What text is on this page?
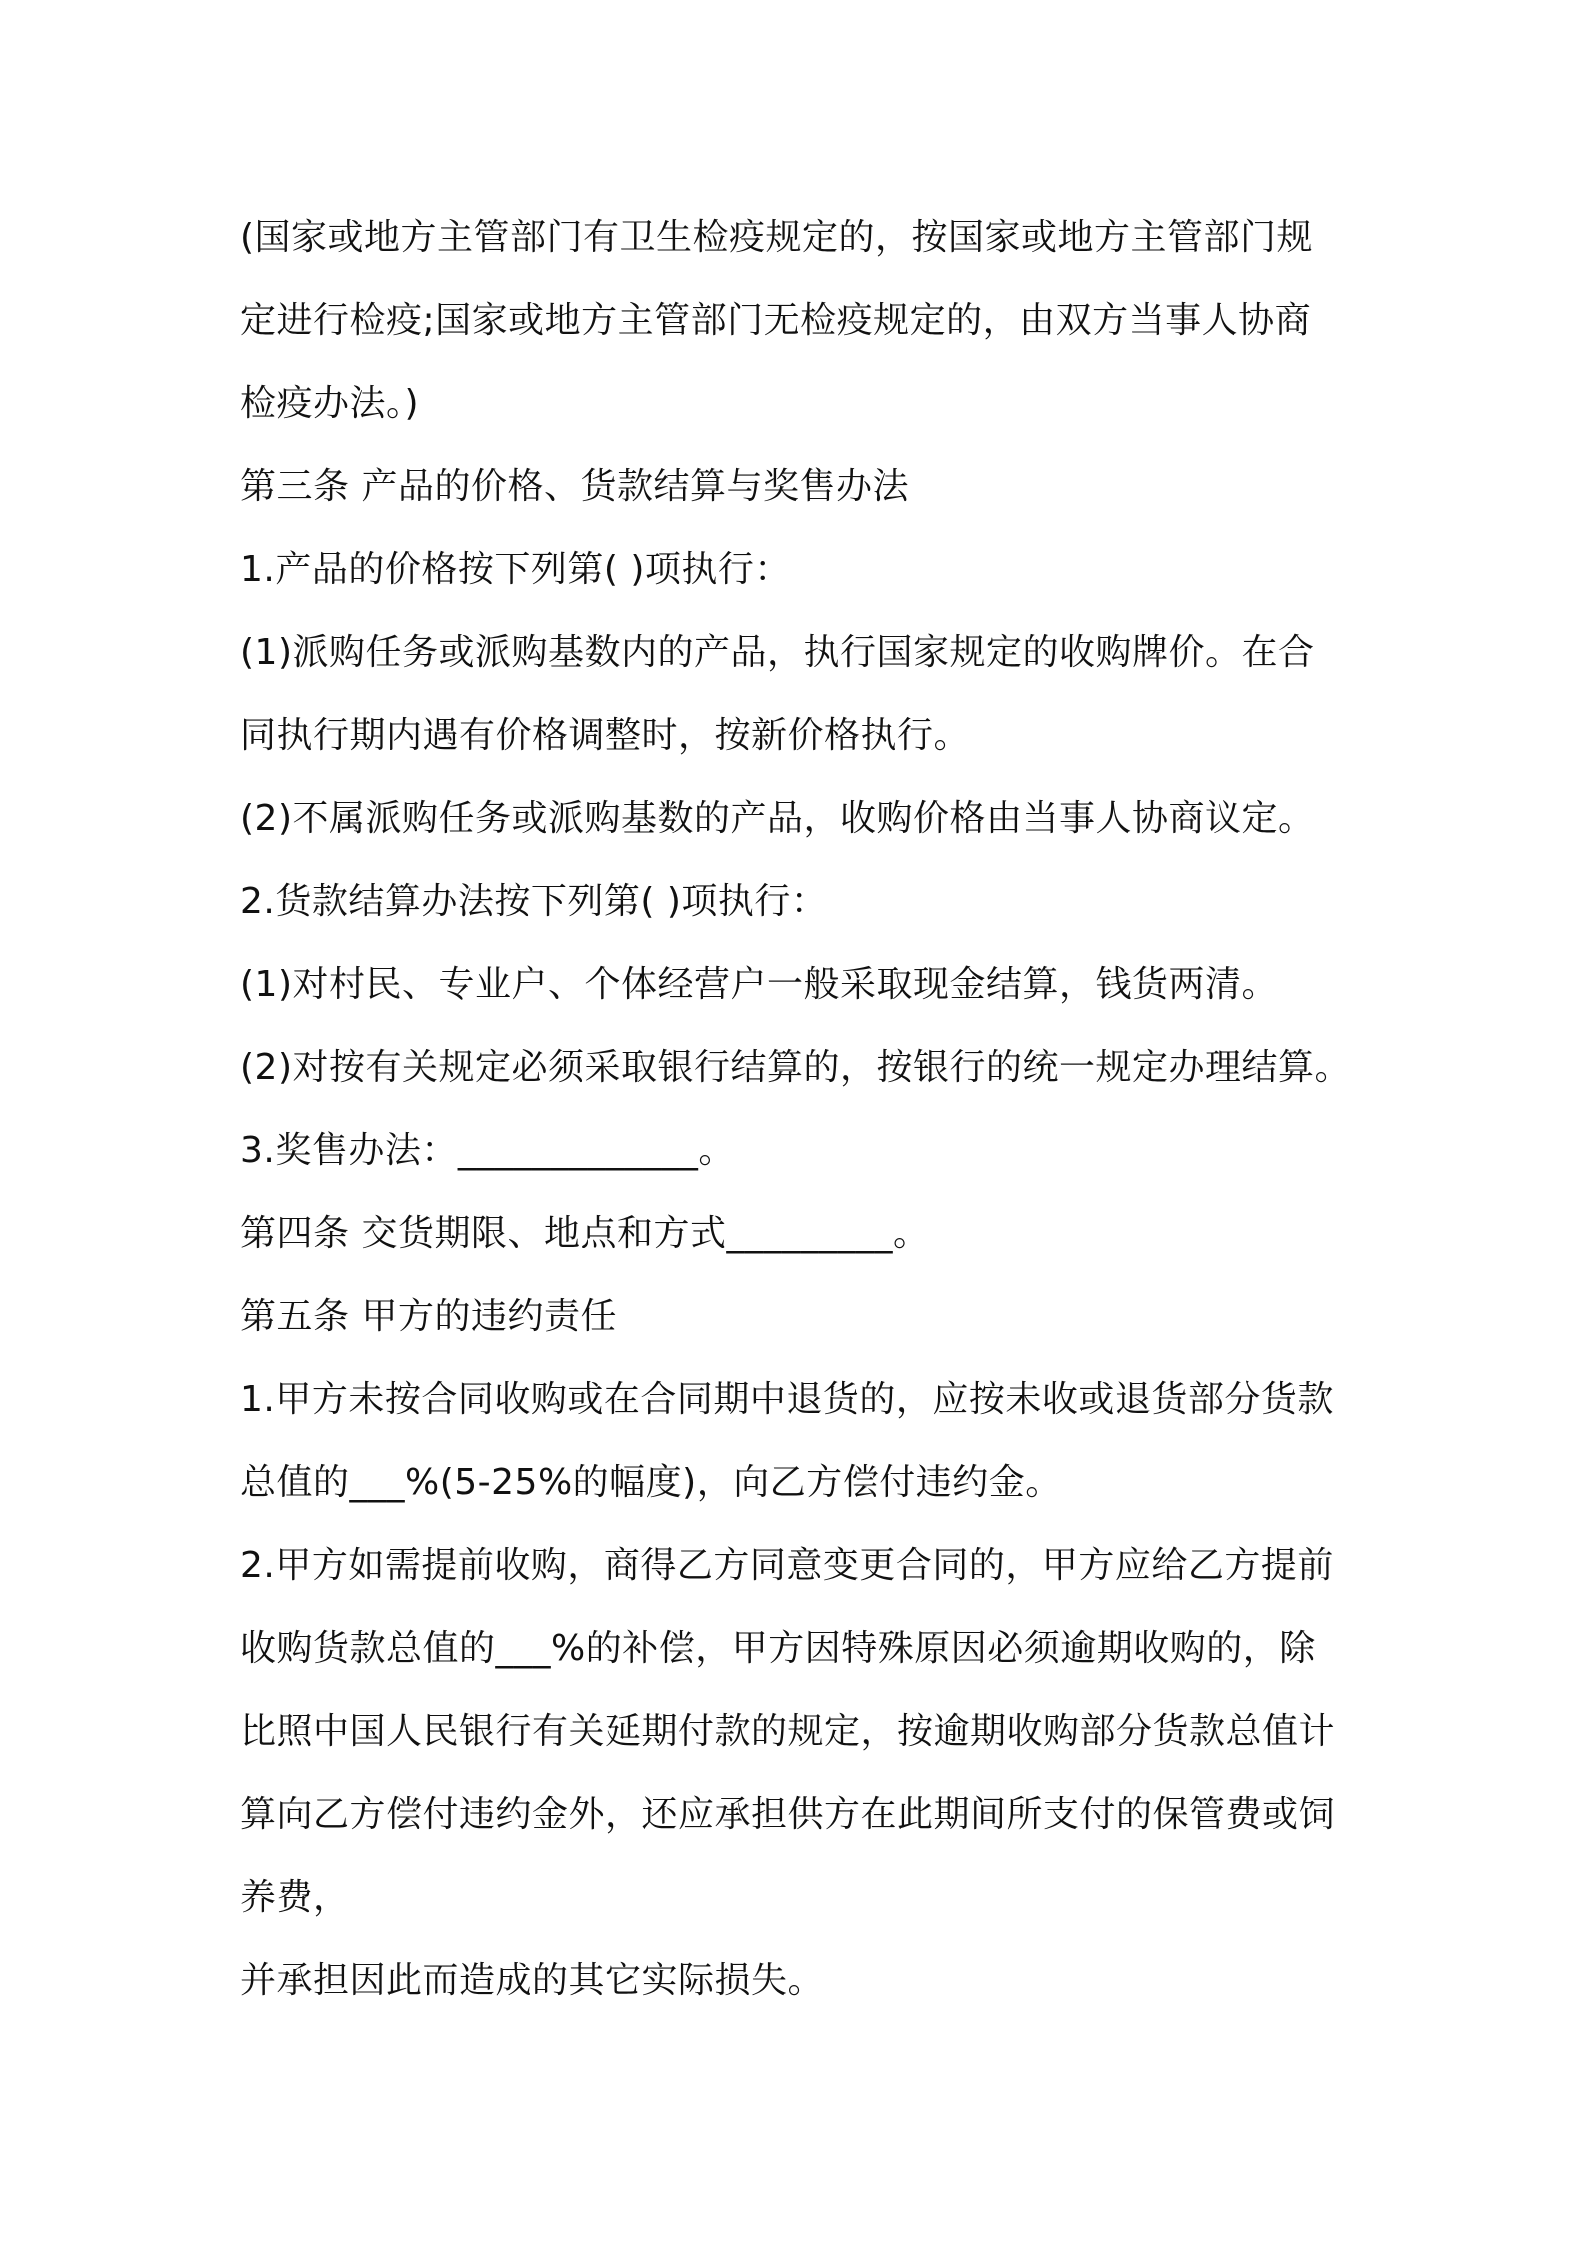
(国家或地方主管部门有卫生检疫规定的，按国家或地方主管部门规
定进行检疫;国家或地方主管部门无检疫规定的，由双方当事人协商
检疫办法。)
第三条 产品的价格、货款结算与奖售办法
1.产品的价格按下列第( )项执行：
(1)派购任务或派购基数内的产品，执行国家规定的收购牌价。在合
同执行期内遇有价格调整时，按新价格执行。
(2)不属派购任务或派购基数的产品，收购价格由当事人协商议定。
2.货款结算办法按下列第( )项执行：
(1)对村民、专业户、个体经营户一般采取现金结算，钱货两清。
(2)对按有关规定必须采取银行结算的，按银行的统一规定办理结算。
3.奖售办法：_____________。
第四条 交货期限、地点和方式_________。
第五条 甲方的违约责任
1.甲方未按合同收购或在合同期中退货的，应按未收或退货部分货款
总值的___%(5-25%的幅度)，向乙方偿付违约金。
2.甲方如需提前收购，商得乙方同意变更合同的，甲方应给乙方提前
收购货款总值的___%的补偿，甲方因特殊原因必须逾期收购的，除
比照中国人民银行有关延期付款的规定，按逾期收购部分货款总值计
算向乙方偿付违约金外，还应承担供方在此期间所支付的保管费或饲
养费，
并承担因此而造成的其它实际损失。
